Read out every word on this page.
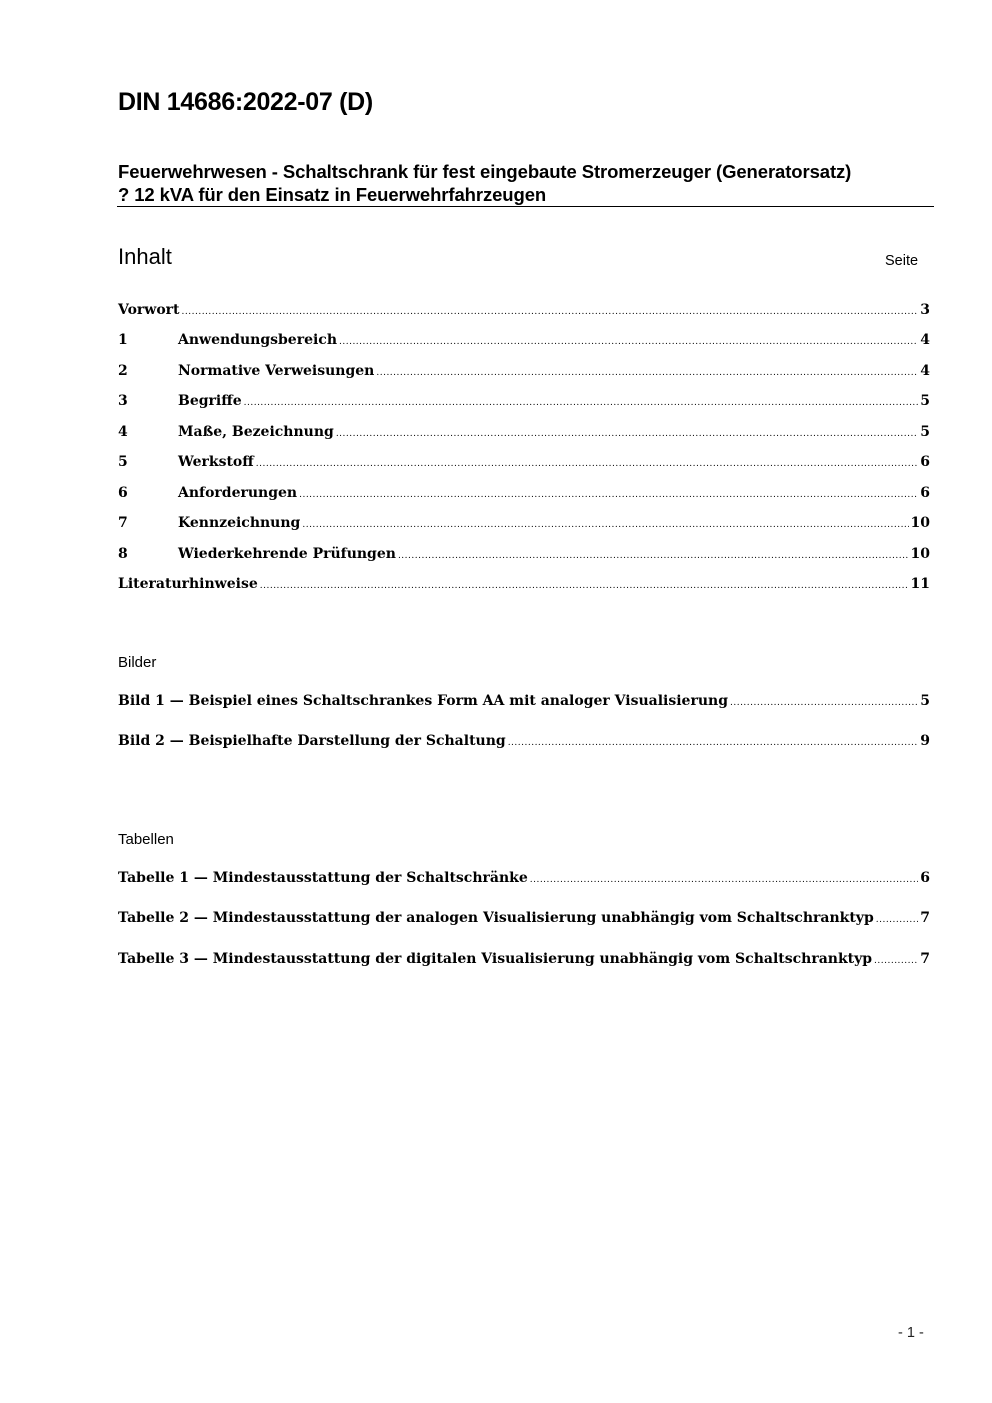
DIN 14686:2022-07 (D)
Feuerwehrwesen - Schaltschrank für fest eingebaute Stromerzeuger (Generatorsatz)
? 12 kVA für den Einsatz in Feuerwehrfahrzeugen
Inhalt	Seite
Vorwort .....	3
1	Anwendungsbereich .....	4
2	Normative Verweisungen .....	4
3	Begriffe .....	5
4	Maße, Bezeichnung .....	5
5	Werkstoff .....	6
6	Anforderungen .....	6
7	Kennzeichnung .....	10
8	Wiederkehrende Prüfungen .....	10
Literaturhinweise .....	11
Bilder
Bild 1 — Beispiel eines Schaltschrankes Form AA mit analoger Visualisierung .....	5
Bild 2 — Beispielhafte Darstellung der Schaltung .....	9
Tabellen
Tabelle 1 — Mindestausstattung der Schaltschränke .....	6
Tabelle 2 — Mindestausstattung der analogen Visualisierung unabhängig vom Schaltschranktyp .....	7
Tabelle 3 — Mindestausstattung der digitalen Visualisierung unabhängig vom Schaltschranktyp .....	7
- 1 -
